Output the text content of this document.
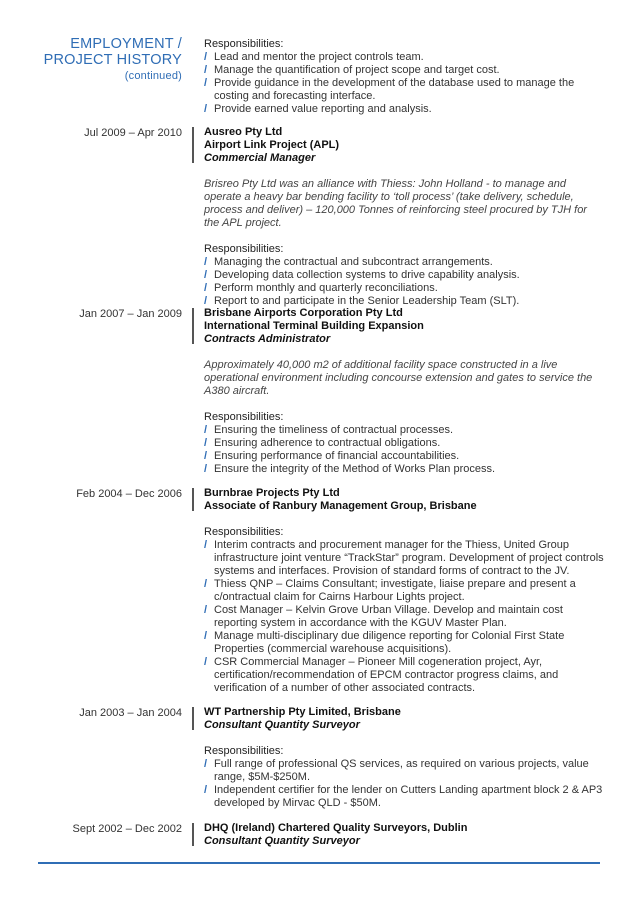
EMPLOYMENT /
PROJECT HISTORY
(continued)
Responsibilities:
/ Lead and mentor the project controls team.
/ Manage the quantification of project scope and target cost.
/ Provide guidance in the development of the database used to manage the costing and forecasting interface.
/ Provide earned value reporting and analysis.
Jul 2009 – Apr 2010 Ausreo Pty Ltd
Airport Link Project (APL)
Commercial Manager
Brisreo Pty Ltd was an alliance with Thiess: John Holland - to manage and operate a heavy bar bending facility to ‘toll process’ (take delivery, schedule, process and deliver) – 120,000 Tonnes of reinforcing steel procured by TJH for the APL project.
Responsibilities:
/ Managing the contractual and subcontract arrangements.
/ Developing data collection systems to drive capability analysis.
/ Perform monthly and quarterly reconciliations.
/ Report to and participate in the Senior Leadership Team (SLT).
Jan 2007 – Jan 2009 Brisbane Airports Corporation Pty Ltd
International Terminal Building Expansion
Contracts Administrator
Approximately 40,000 m2 of additional facility space constructed in a live operational environment including concourse extension and gates to service the A380 aircraft.
Responsibilities:
/ Ensuring the timeliness of contractual processes.
/ Ensuring adherence to contractual obligations.
/ Ensuring performance of financial accountabilities.
/ Ensure the integrity of the Method of Works Plan process.
Feb 2004 – Dec 2006 Burnbrae Projects Pty Ltd
Associate of Ranbury Management Group, Brisbane
Responsibilities:
/ Interim contracts and procurement manager for the Thiess, United Group infrastructure joint venture “TrackStar” program. Development of project controls systems and interfaces. Provision of standard forms of contract to the JV.
/ Thiess QNP – Claims Consultant; investigate, liaise prepare and present a c/ontractual claim for Cairns Harbour Lights project.
/ Cost Manager – Kelvin Grove Urban Village. Develop and maintain cost reporting system in accordance with the KGUV Master Plan.
/ Manage multi-disciplinary due diligence reporting for Colonial First State Properties (commercial warehouse acquisitions).
/ CSR Commercial Manager – Pioneer Mill cogeneration project, Ayr, certification/recommendation of EPCM contractor progress claims, and verification of a number of other associated contracts.
Jan 2003 – Jan 2004 WT Partnership Pty Limited, Brisbane
Consultant Quantity Surveyor
Responsibilities:
/ Full range of professional QS services, as required on various projects, value range, $5M-$250M.
/ Independent certifier for the lender on Cutters Landing apartment block 2 & AP3 developed by Mirvac QLD - $50M.
Sept 2002 – Dec 2002 DHQ (Ireland) Chartered Quality Surveyors, Dublin
Consultant Quantity Surveyor
